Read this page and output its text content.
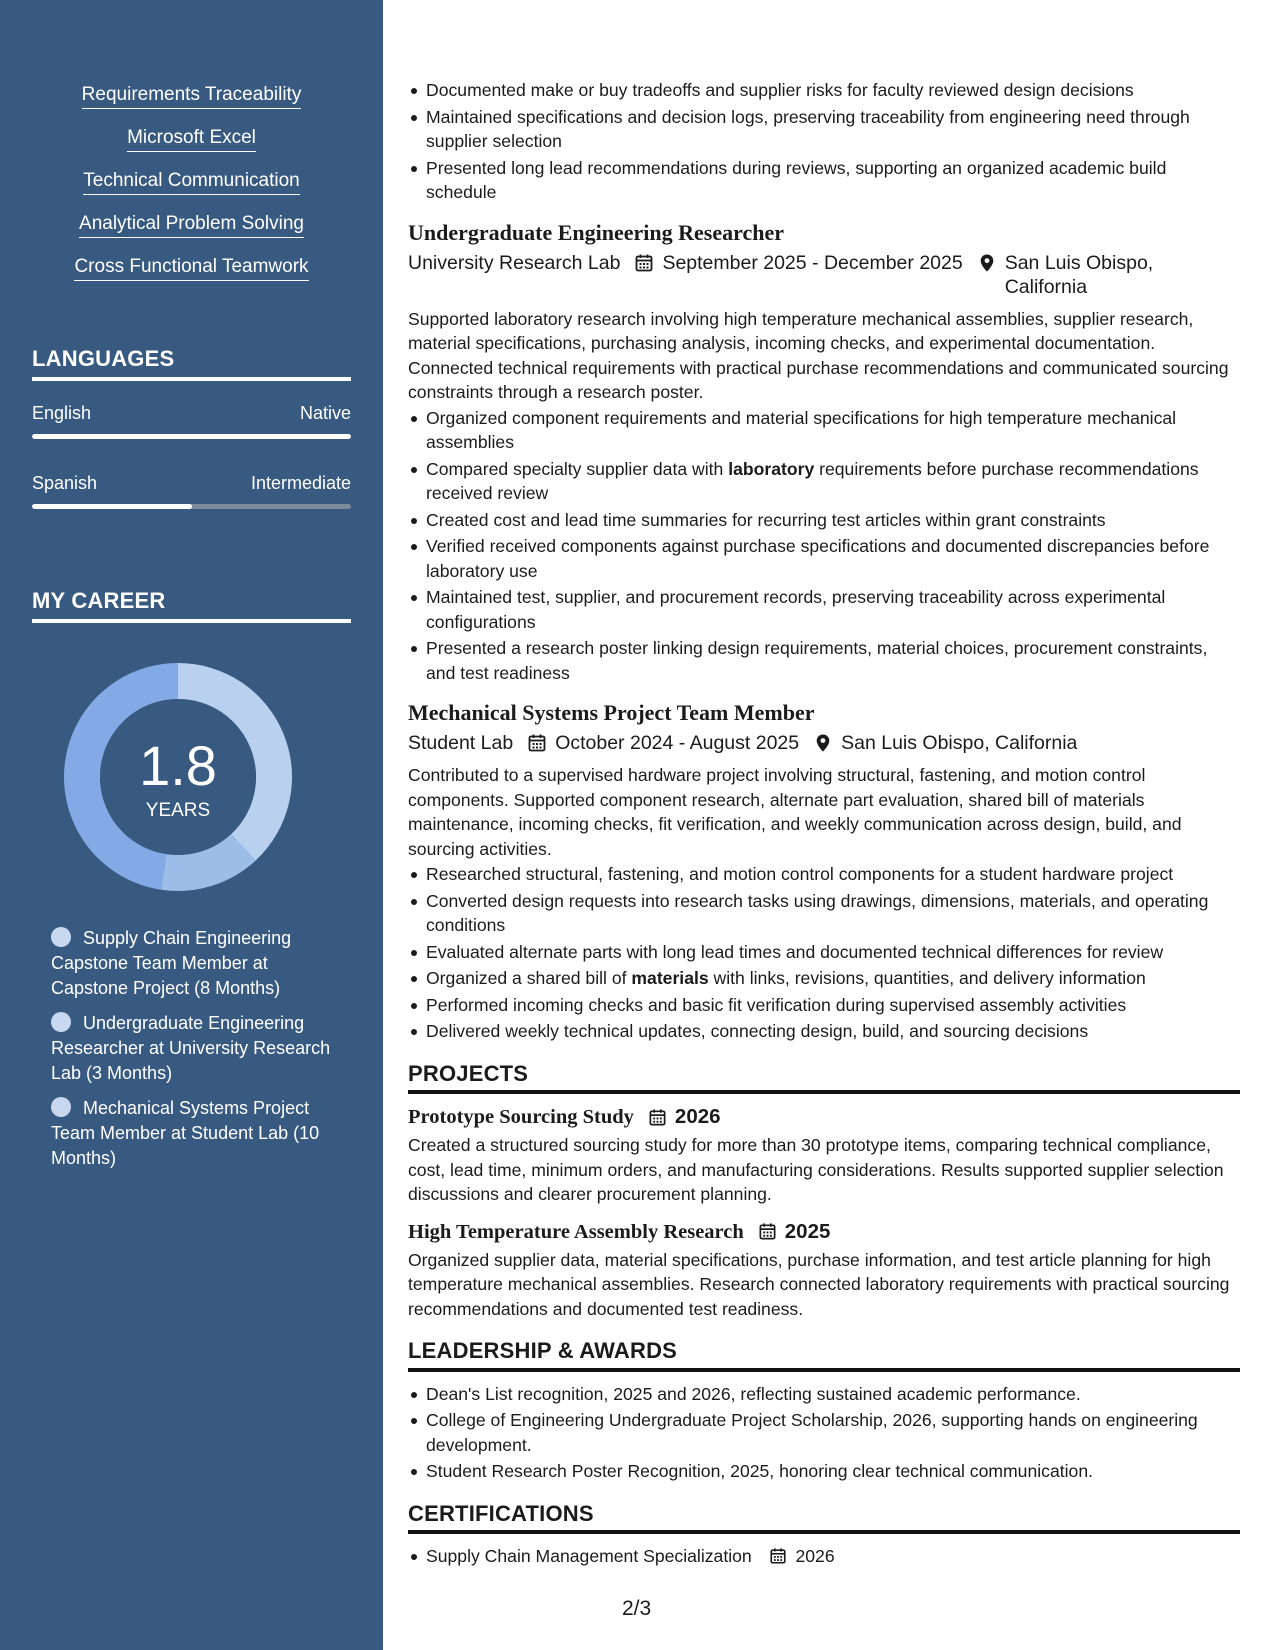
Requirements Traceability
Microsoft Excel
Technical Communication
Analytical Problem Solving
Cross Functional Teamwork
LANGUAGES
English	Native
Spanish	Intermediate
MY CAREER
1.8
YEARS
Supply Chain Engineering Capstone Team Member at Capstone Project (8 Months)
Undergraduate Engineering Researcher at University Research Lab (3 Months)
Mechanical Systems Project Team Member at Student Lab (10 Months)
Documented make or buy tradeoffs and supplier risks for faculty reviewed design decisions
Maintained specifications and decision logs, preserving traceability from engineering need through supplier selection
Presented long lead recommendations during reviews, supporting an organized academic build schedule
Undergraduate Engineering Researcher
University Research Lab September 2025 - December 2025 San Luis Obispo, California

Supported laboratory research involving high temperature mechanical assemblies, supplier research, material specifications, purchasing analysis, incoming checks, and experimental documentation. Connected technical requirements with practical purchase recommendations and communicated sourcing constraints through a research poster.

Organized component requirements and material specifications for high temperature mechanical assemblies
Compared specialty supplier data with laboratory requirements before purchase recommendations received review
Created cost and lead time summaries for recurring test articles within grant constraints
Verified received components against purchase specifications and documented discrepancies before laboratory use
Maintained test, supplier, and procurement records, preserving traceability across experimental configurations
Presented a research poster linking design requirements, material choices, procurement constraints, and test readiness
Mechanical Systems Project Team Member
Student Lab October 2024 - August 2025 San Luis Obispo, California

Contributed to a supervised hardware project involving structural, fastening, and motion control components. Supported component research, alternate part evaluation, shared bill of materials maintenance, incoming checks, fit verification, and weekly communication across design, build, and sourcing activities.

Researched structural, fastening, and motion control components for a student hardware project
Converted design requests into research tasks using drawings, dimensions, materials, and operating conditions
Evaluated alternate parts with long lead times and documented technical differences for review
Organized a shared bill of materials with links, revisions, quantities, and delivery information
Performed incoming checks and basic fit verification during supervised assembly activities
Delivered weekly technical updates, connecting design, build, and sourcing decisions
PROJECTS
Prototype Sourcing Study 2026

Created a structured sourcing study for more than 30 prototype items, comparing technical compliance, cost, lead time, minimum orders, and manufacturing considerations. Results supported supplier selection discussions and clearer procurement planning.

High Temperature Assembly Research 2025

Organized supplier data, material specifications, purchase information, and test article planning for high temperature mechanical assemblies. Research connected laboratory requirements with practical sourcing recommendations and documented test readiness.

LEADERSHIP & AWARDS
Dean's List recognition, 2025 and 2026, reflecting sustained academic performance.
College of Engineering Undergraduate Project Scholarship, 2026, supporting hands on engineering development.
Student Research Poster Recognition, 2025, honoring clear technical communication.
CERTIFICATIONS
Supply Chain Management Specialization 2026
2/3
